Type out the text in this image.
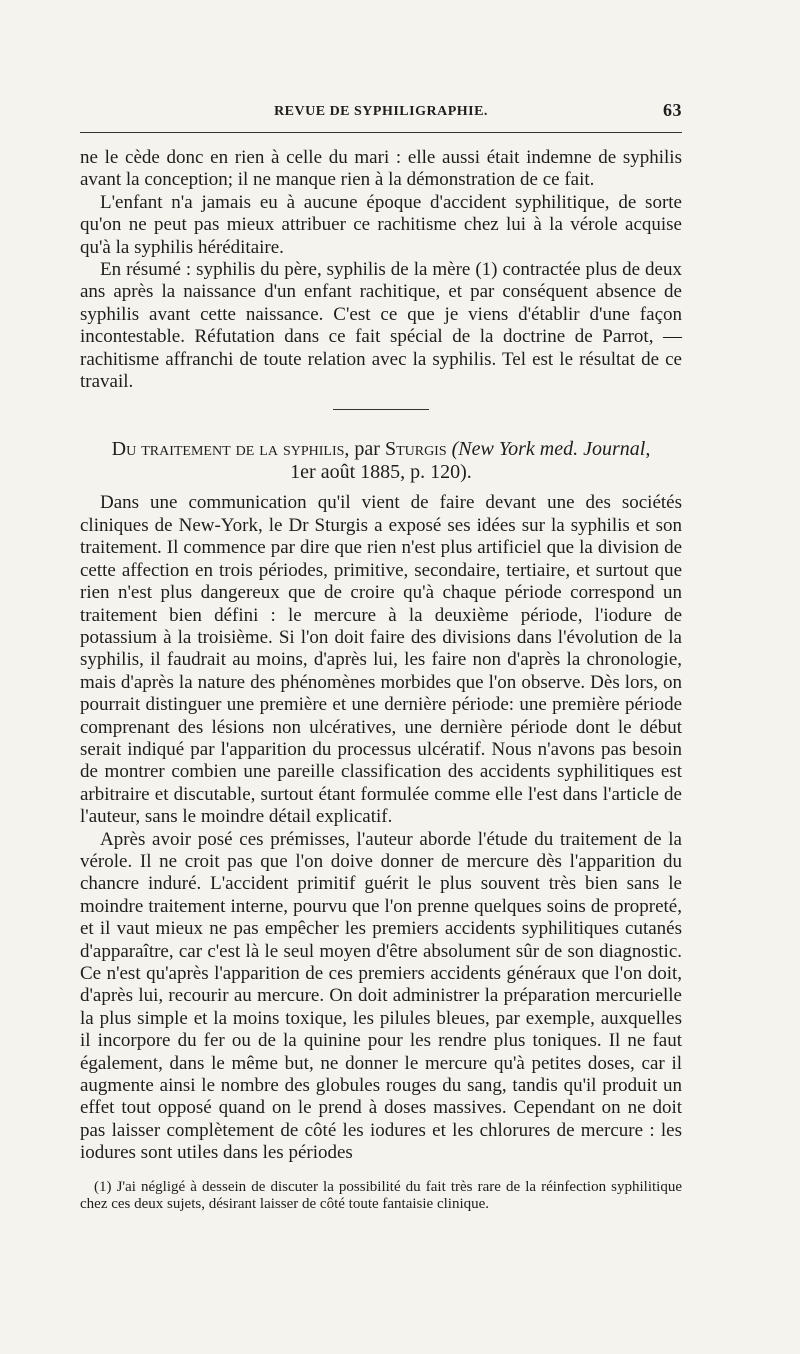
REVUE DE SYPHILIGRAPHIE.	63

ne le cède donc en rien à celle du mari : elle aussi était indemne de syphilis avant la conception; il ne manque rien à la démonstration de ce fait.

L'enfant n'a jamais eu à aucune époque d'accident syphilitique, de sorte qu'on ne peut pas mieux attribuer ce rachitisme chez lui à la vérole acquise qu'à la syphilis héréditaire.

En résumé : syphilis du père, syphilis de la mère (1) contractée plus de deux ans après la naissance d'un enfant rachitique, et par conséquent absence de syphilis avant cette naissance. C'est ce que je viens d'établir d'une façon incontestable. Réfutation dans ce fait spécial de la doctrine de Parrot, — rachitisme affranchi de toute relation avec la syphilis. Tel est le résultat de ce travail.

Du traitement de la syphilis, par Sturgis (New York med. Journal,
1er août 1885, p. 120).

Dans une communication qu'il vient de faire devant une des sociétés cliniques de New-York, le Dr Sturgis a exposé ses idées sur la syphilis et son traitement. Il commence par dire que rien n'est plus artificiel que la division de cette affection en trois périodes, primitive, secondaire, tertiaire, et surtout que rien n'est plus dangereux que de croire qu'à chaque période correspond un traitement bien défini : le mercure à la deuxième période, l'iodure de potassium à la troisième. Si l'on doit faire des divisions dans l'évolution de la syphilis, il faudrait au moins, d'après lui, les faire non d'après la chronologie, mais d'après la nature des phénomènes morbides que l'on observe. Dès lors, on pourrait distinguer une première et une dernière période: une première période comprenant des lésions non ulcératives, une dernière période dont le début serait indiqué par l'apparition du processus ulcératif. Nous n'avons pas besoin de montrer combien une pareille classification des accidents syphilitiques est arbitraire et discutable, surtout étant formulée comme elle l'est dans l'article de l'auteur, sans le moindre détail explicatif.

Après avoir posé ces prémisses, l'auteur aborde l'étude du traitement de la vérole. Il ne croit pas que l'on doive donner de mercure dès l'apparition du chancre induré. L'accident primitif guérit le plus souvent très bien sans le moindre traitement interne, pourvu que l'on prenne quelques soins de propreté, et il vaut mieux ne pas empêcher les premiers accidents syphilitiques cutanés d'apparaître, car c'est là le seul moyen d'être absolument sûr de son diagnostic. Ce n'est qu'après l'apparition de ces premiers accidents généraux que l'on doit, d'après lui, recourir au mercure. On doit administrer la préparation mercurielle la plus simple et la moins toxique, les pilules bleues, par exemple, auxquelles il incorpore du fer ou de la quinine pour les rendre plus toniques. Il ne faut également, dans le même but, ne donner le mercure qu'à petites doses, car il augmente ainsi le nombre des globules rouges du sang, tandis qu'il produit un effet tout opposé quand on le prend à doses massives. Cependant on ne doit pas laisser complètement de côté les iodures et les chlorures de mercure : les iodures sont utiles dans les périodes

(1) J'ai négligé à dessein de discuter la possibilité du fait très rare de la réinfection syphilitique chez ces deux sujets, désirant laisser de côté toute fantaisie clinique.
